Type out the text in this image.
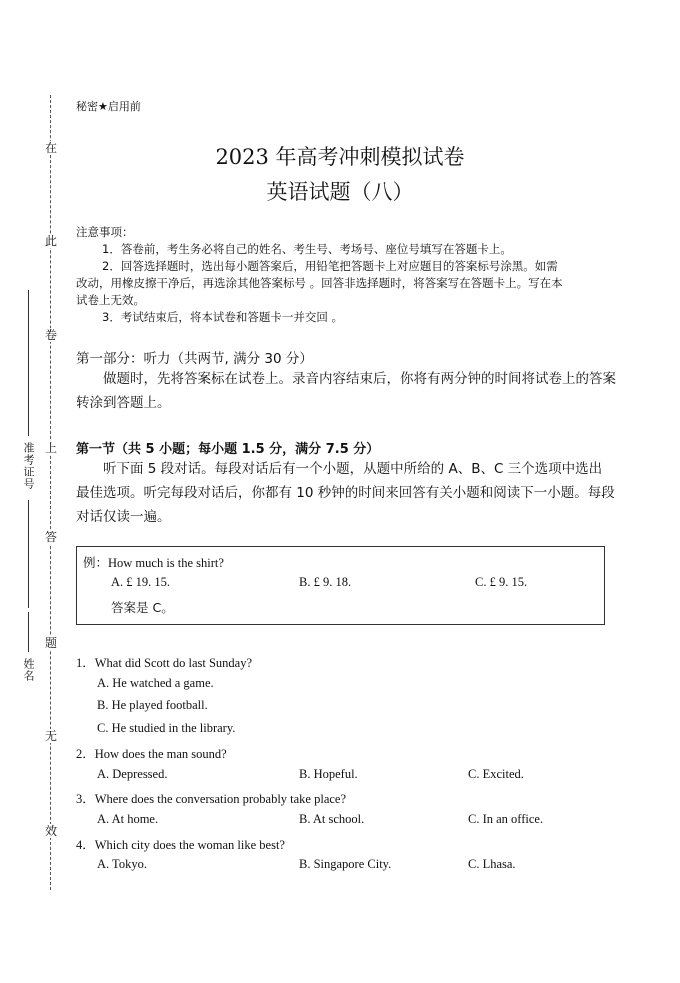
在
此
卷
上
答
题
无
效
准考证号
姓名
秘密★启用前
2023 年高考冲刺模拟试卷
英语试题（八）
注意事项：
1．答卷前，考生务必将自己的姓名、考生号、考场号、座位号填写在答题卡上。
2．回答选择题时，选出每小题答案后，用铅笔把答题卡上对应题目的答案标号涂黑。如需
改动，用橡皮擦干净后，再选涂其他答案标号 。回答非选择题时，将答案写在答题卡上。写在本
试卷上无效。
3．考试结束后，将本试卷和答题卡一并交回 。
第一部分：听力（共两节, 满分 30 分）
做题时，先将答案标在试卷上。录音内容结束后，你将有两分钟的时间将试卷上的答案
转涂到答题上。
第一节（共 5 小题；每小题 1.5 分，满分 7.5 分）
听下面 5 段对话。每段对话后有一个小题，从题中所给的 A、B、C 三个选项中选出
最佳选项。听完每段对话后，你都有 10 秒钟的时间来回答有关小题和阅读下一小题。每段
对话仅读一遍。
例：How much is the shirt?
A. £ 19. 15.	B. £ 9. 18.	C. £ 9. 15.
答案是 C。
1．What did Scott do last Sunday?
A. He watched a game.
B. He played football.
C. He studied in the library.
2．How does the man sound?
A. Depressed.	B. Hopeful.	C. Excited.
3．Where does the conversation probably take place?
A. At home.	B. At school.	C. In an office.
4．Which city does the woman like best?
A. Tokyo.	B. Singapore City.	C. Lhasa.
